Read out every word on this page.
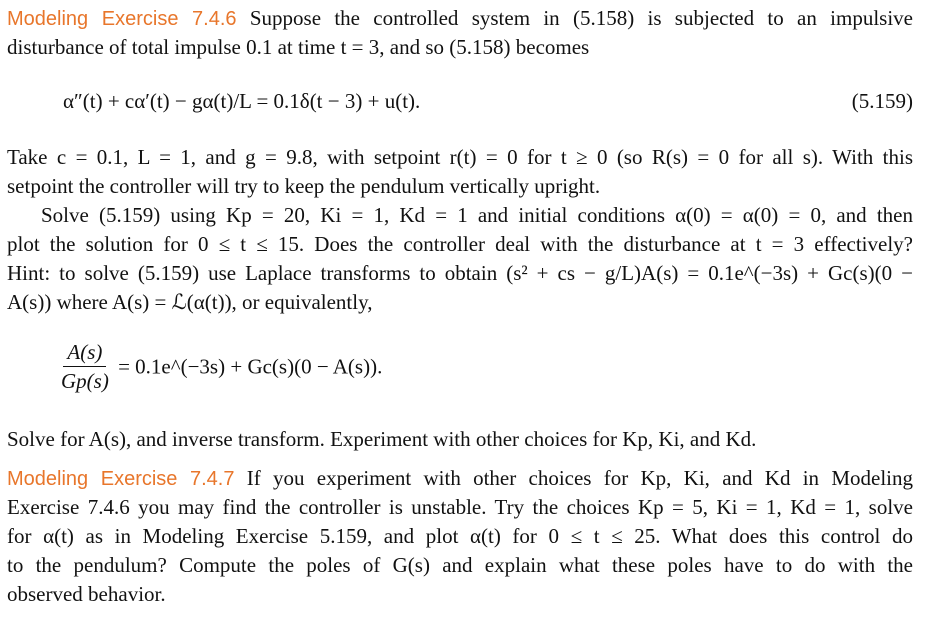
Modeling Exercise 7.4.6 Suppose the controlled system in (5.158) is subjected to an impulsive
disturbance of total impulse 0.1 at time t = 3, and so (5.158) becomes
α″(t) + cα′(t) − gα(t)/L = 0.1δ(t − 3) + u(t).	(5.159)
Take c = 0.1, L = 1, and g = 9.8, with setpoint r(t) = 0 for t ≥ 0 (so R(s) = 0 for all s). With this
setpoint the controller will try to keep the pendulum vertically upright.
Solve (5.159) using Kp = 20, Ki = 1, Kd = 1 and initial conditions α(0) = α(0) = 0, and then
plot the solution for 0 ≤ t ≤ 15. Does the controller deal with the disturbance at t = 3 effectively?
Hint: to solve (5.159) use Laplace transforms to obtain (s² + cs − g/L)A(s) = 0.1e^(−3s) + Gc(s)(0 −
A(s)) where A(s) = ℒ(α(t)), or equivalently,
$\frac{A(s)}{Gp(s)}$ = 0.1e^(−3s) + Gc(s)(0 − A(s)).
Solve for A(s), and inverse transform. Experiment with other choices for Kp, Ki, and Kd.
Modeling Exercise 7.4.7 If you experiment with other choices for Kp, Ki, and Kd in Modeling
Exercise 7.4.6 you may find the controller is unstable. Try the choices Kp = 5, Ki = 1, Kd = 1, solve
for α(t) as in Modeling Exercise 5.159, and plot α(t) for 0 ≤ t ≤ 25. What does this control do
to the pendulum? Compute the poles of G(s) and explain what these poles have to do with the
observed behavior.
